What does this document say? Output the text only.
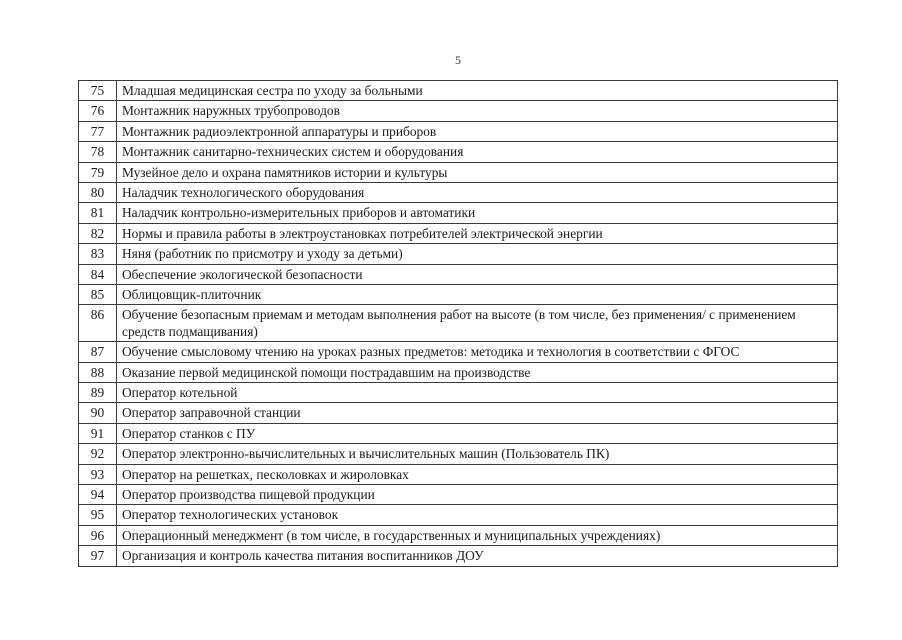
5
75	Младшая медицинская сестра по уходу за больными
76	Монтажник наружных трубопроводов
77	Монтажник радиоэлектронной аппаратуры и приборов
78	Монтажник санитарно-технических систем и оборудования
79	Музейное дело и охрана памятников истории и культуры
80	Наладчик технологического оборудования
81	Наладчик контрольно-измерительных приборов и автоматики
82	Нормы и правила работы в электроустановках потребителей электрической энергии
83	Няня (работник по присмотру и уходу за детьми)
84	Обеспечение экологической безопасности
85	Облицовщик-плиточник
86	Обучение безопасным приемам и методам выполнения работ на высоте (в том числе, без применения/ с применением средств подмащивания)
87	Обучение смысловому чтению на уроках разных предметов: методика и технология в соответствии с ФГОС
88	Оказание первой медицинской помощи пострадавшим на производстве
89	Оператор котельной
90	Оператор заправочной станции
91	Оператор станков с ПУ
92	Оператор электронно-вычислительных и вычислительных машин (Пользователь ПК)
93	Оператор на решетках, песколовках и жироловках
94	Оператор производства пищевой продукции
95	Оператор технологических установок
96	Операционный менеджмент (в том числе, в государственных и муниципальных учреждениях)
97	Организация и контроль качества питания воспитанников ДОУ
